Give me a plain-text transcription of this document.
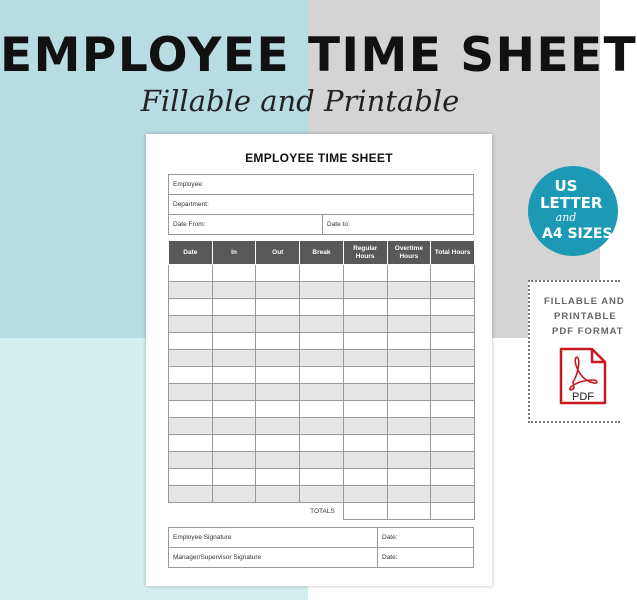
EMPLOYEE TIME SHEET
Fillable and Printable
EMPLOYEE TIME SHEET
Employee:
Department:
Date From:	Date to:
Date	In	Out	Break	Regular Hours	Overtime Hours	Total Hours

TOTALS						
Employee Signature	Date:
Manager/Supervisor Signature	Date:
US
LETTER
and
A4 SIZES
FILLABLE AND
PRINTABLE
PDF FORMAT
PDF
